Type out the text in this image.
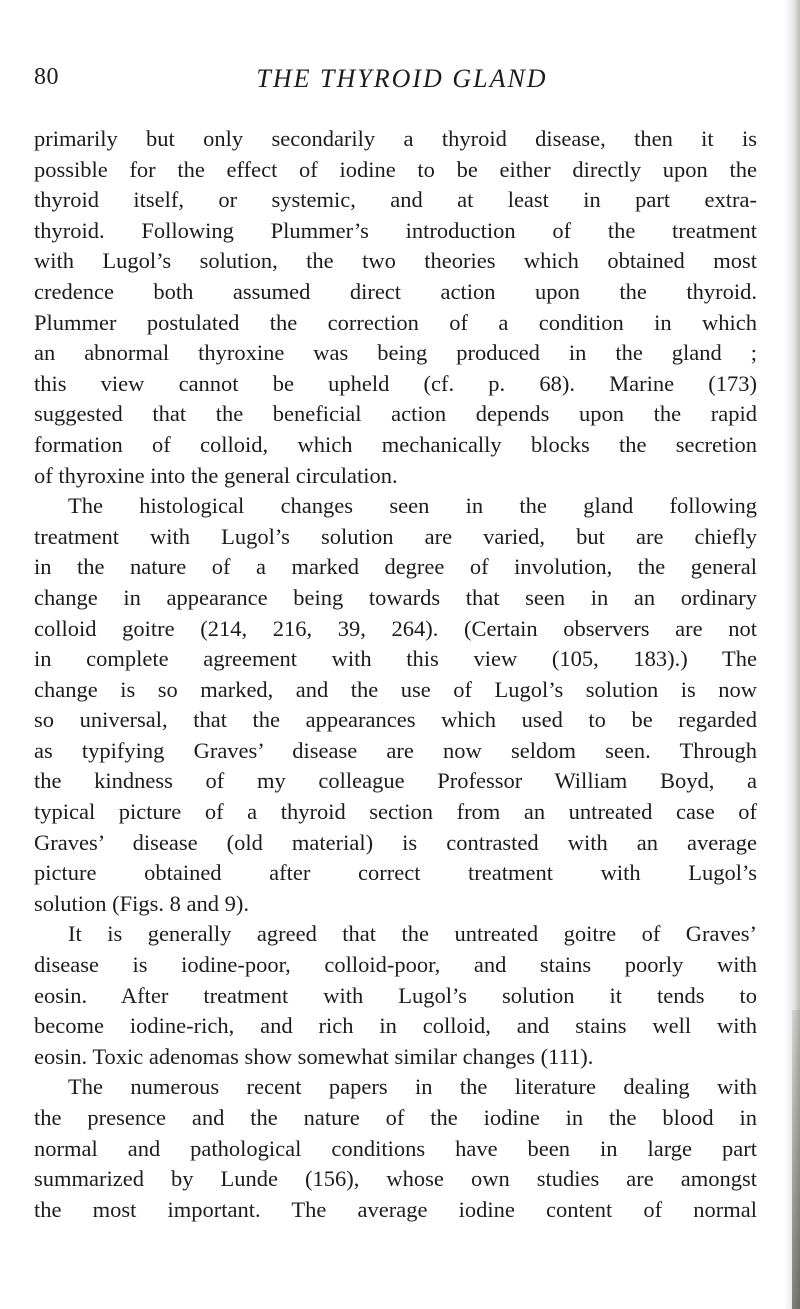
80	THE THYROID GLAND
primarily but only secondarily a thyroid disease, then it is
possible for the effect of iodine to be either directly upon the
thyroid itself, or systemic, and at least in part extra-
thyroid. Following Plummer’s introduction of the treatment
with Lugol’s solution, the two theories which obtained most
credence both assumed direct action upon the thyroid.
Plummer postulated the correction of a condition in which
an abnormal thyroxine was being produced in the gland ;
this view cannot be upheld (cf. p. 68). Marine (173)
suggested that the beneficial action depends upon the rapid
formation of colloid, which mechanically blocks the secretion
of thyroxine into the general circulation.
The histological changes seen in the gland following
treatment with Lugol’s solution are varied, but are chiefly
in the nature of a marked degree of involution, the general
change in appearance being towards that seen in an ordinary
colloid goitre (214, 216, 39, 264). (Certain observers are not
in complete agreement with this view (105, 183).) The
change is so marked, and the use of Lugol’s solution is now
so universal, that the appearances which used to be regarded
as typifying Graves’ disease are now seldom seen. Through
the kindness of my colleague Professor William Boyd, a
typical picture of a thyroid section from an untreated case of
Graves’ disease (old material) is contrasted with an average
picture obtained after correct treatment with Lugol’s
solution (Figs. 8 and 9).
It is generally agreed that the untreated goitre of Graves’
disease is iodine-poor, colloid-poor, and stains poorly with
eosin. After treatment with Lugol’s solution it tends to
become iodine-rich, and rich in colloid, and stains well with
eosin. Toxic adenomas show somewhat similar changes (111).
The numerous recent papers in the literature dealing with
the presence and the nature of the iodine in the blood in
normal and pathological conditions have been in large part
summarized by Lunde (156), whose own studies are amongst
the most important. The average iodine content of normal
